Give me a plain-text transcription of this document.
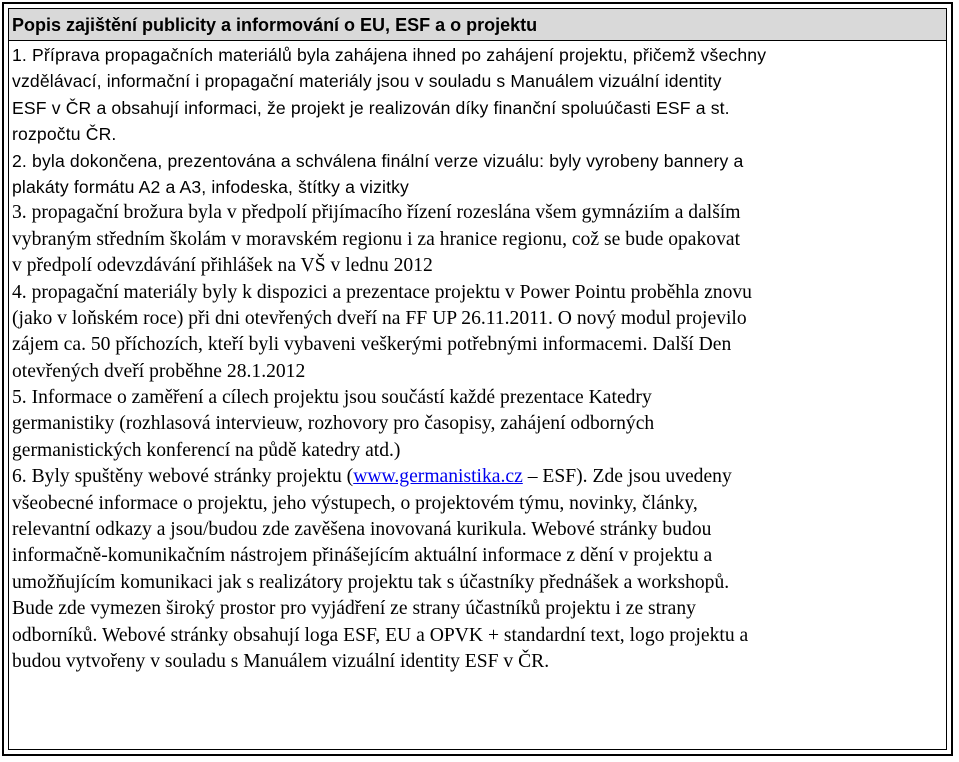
Popis zajištění publicity a informování o EU, ESF a o projektu
1. Příprava propagačních materiálů byla zahájena ihned po zahájení projektu, přičemž všechny
vzdělávací, informační i propagační materiály jsou v souladu s Manuálem vizuální identity
ESF v ČR a obsahují informaci, že projekt je realizován díky finanční spoluúčasti ESF a st.
rozpočtu ČR.
2. byla dokončena, prezentována a schválena finální verze vizuálu: byly vyrobeny bannery a
plakáty formátu A2 a A3, infodeska, štítky a vizitky
3. propagační brožura byla v předpolí přijímacího řízení rozeslána všem gymnáziím a dalším
vybraným středním školám v moravském regionu i za hranice regionu, což se bude opakovat
v předpolí odevzdávání přihlášek na VŠ v lednu 2012
4. propagační materiály byly k dispozici a prezentace projektu v Power Pointu proběhla znovu
(jako v loňském roce) při dni otevřených dveří na FF UP 26.11.2011. O nový modul projevilo
zájem ca. 50 příchozích, kteří byli vybaveni veškerými potřebnými informacemi. Další Den
otevřených dveří proběhne 28.1.2012
5. Informace o zaměření a cílech projektu jsou součástí každé prezentace Katedry
germanistiky (rozhlasová intervieuw, rozhovory pro časopisy, zahájení odborných
germanistických konferencí na půdě katedry atd.)
6. Byly spuštěny webové stránky projektu (www.germanistika.cz – ESF). Zde jsou uvedeny
všeobecné informace o projektu, jeho výstupech, o projektovém týmu, novinky, články,
relevantní odkazy a jsou/budou zde zavěšena inovovaná kurikula. Webové stránky budou
informačně-komunikačním nástrojem přinášejícím aktuální informace z dění v projektu a
umožňujícím komunikaci jak s realizátory projektu tak s účastníky přednášek a workshopů.
Bude zde vymezen široký prostor pro vyjádření ze strany účastníků projektu i ze strany
odborníků. Webové stránky obsahují loga ESF, EU a OPVK + standardní text, logo projektu a
budou vytvořeny v souladu s Manuálem vizuální identity ESF v ČR.
